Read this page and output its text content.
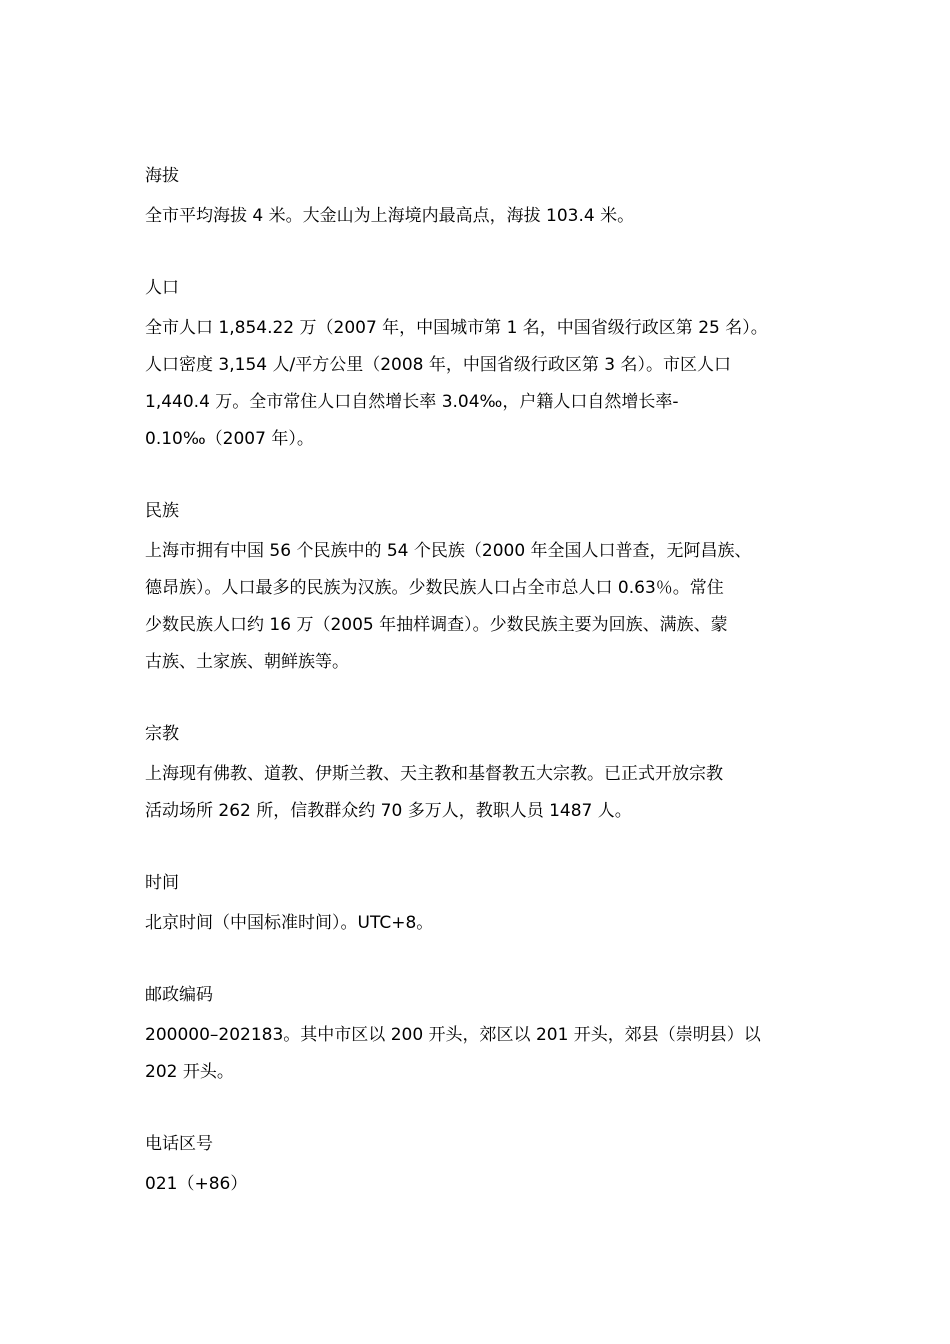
海拔
全市平均海拔 4 米。大金山为上海境内最高点，海拔 103.4 米。
人口
全市人口 1,854.22 万（2007 年，中国城市第 1 名，中国省级行政区第 25 名）。
人口密度 3,154 人/平方公里（2008 年，中国省级行政区第 3 名）。市区人口
1,440.4 万。全市常住人口自然增长率 3.04‰，户籍人口自然增长率-
0.10‰（2007 年）。
民族
上海市拥有中国 56 个民族中的 54 个民族（2000 年全国人口普查，无阿昌族、
德昂族）。人口最多的民族为汉族。少数民族人口占全市总人口 0.63％。常住
少数民族人口约 16 万（2005 年抽样调查）。少数民族主要为回族、满族、蒙
古族、土家族、朝鲜族等。
宗教
上海现有佛教、道教、伊斯兰教、天主教和基督教五大宗教。已正式开放宗教
活动场所 262 所，信教群众约 70 多万人，教职人员 1487 人。
时间
北京时间（中国标准时间）。UTC+8。
邮政编码
200000–202183。其中市区以 200 开头，郊区以 201 开头，郊县（崇明县）以
202 开头。
电话区号
021（+86）
